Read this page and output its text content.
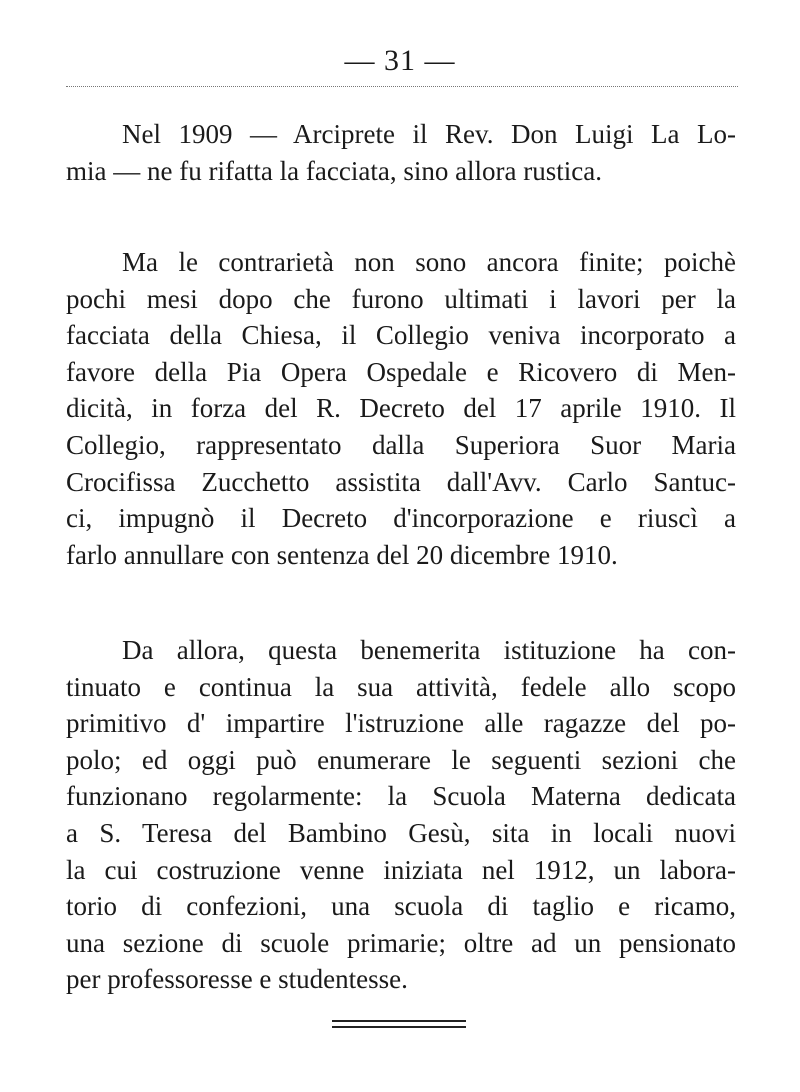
— 31 —

Nel 1909 — Arciprete il Rev. Don Luigi La Lo-
mia — ne fu rifatta la facciata, sino allora rustica.

Ma le contrarietà non sono ancora finite; poichè
pochi mesi dopo che furono ultimati i lavori per la
facciata della Chiesa, il Collegio veniva incorporato a
favore della Pia Opera Ospedale e Ricovero di Men-
dicità, in forza del R. Decreto del 17 aprile 1910. Il
Collegio, rappresentato dalla Superiora Suor Maria
Crocifissa Zucchetto assistita dall'Avv. Carlo Santuc-
ci, impugnò il Decreto d'incorporazione e riuscì a
farlo annullare con sentenza del 20 dicembre 1910.

Da allora, questa benemerita istituzione ha con-
tinuato e continua la sua attività, fedele allo scopo
primitivo d' impartire l'istruzione alle ragazze del po-
polo; ed oggi può enumerare le seguenti sezioni che
funzionano regolarmente: la Scuola Materna dedicata
a S. Teresa del Bambino Gesù, sita in locali nuovi
la cui costruzione venne iniziata nel 1912, un labora-
torio di confezioni, una scuola di taglio e ricamo,
una sezione di scuole primarie; oltre ad un pensionato
per professoresse e studentesse.
